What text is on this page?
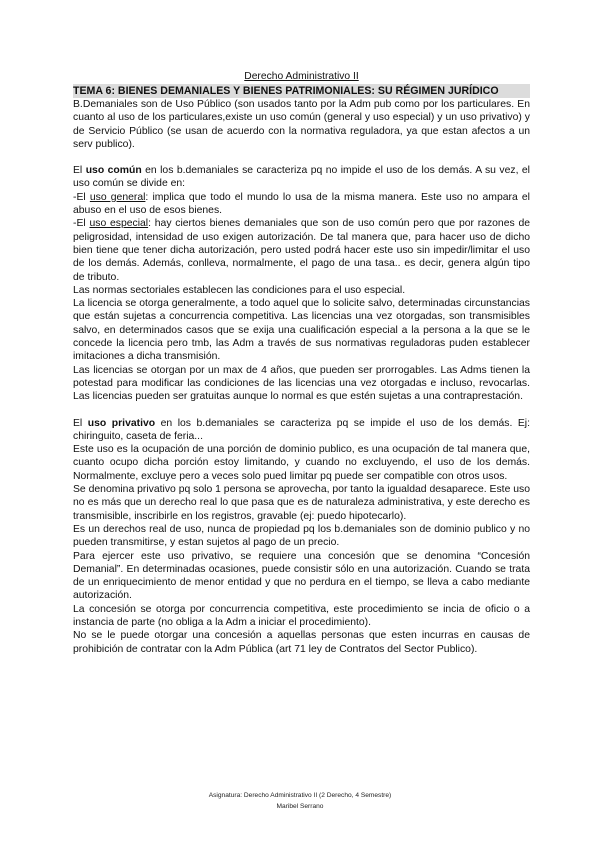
Derecho Administrativo II

TEMA 6: BIENES DEMANIALES Y BIENES PATRIMONIALES: SU RÉGIMEN JURÍDICO

B.Demaniales son de Uso Público (son usados tanto por la Adm pub como por los particulares. En cuanto al uso de los particulares,existe un uso común (general y uso especial) y un uso privativo) y de Servicio Público (se usan de acuerdo con la normativa reguladora, ya que estan afectos a un serv publico).

El uso común en los b.demaniales se caracteriza pq no impide el uso de los demás. A su vez, el uso común se divide en:

-El uso general: implica que todo el mundo lo usa de la misma manera. Este uso no ampara el abuso en el uso de esos bienes.

-El uso especial: hay ciertos bienes demaniales que son de uso común pero que por razones de peligrosidad, intensidad de uso exigen autorización. De tal manera que, para hacer uso de dicho bien tiene que tener dicha autorización, pero usted podrá hacer este uso sin impedir/limitar el uso de los demás. Además, conlleva, normalmente, el pago de una tasa.. es decir, genera algún tipo de tributo.

Las normas sectoriales establecen las condiciones para el uso especial.

La licencia se otorga generalmente, a todo aquel que lo solicite salvo, determinadas circunstancias que están sujetas a concurrencia competitiva. Las licencias una vez otorgadas, son transmisibles salvo, en determinados casos que se exija una cualificación especial a la persona a la que se le concede la licencia pero tmb, las Adm a través de sus normativas reguladoras puden establecer imitaciones a dicha transmisión.

Las licencias se otorgan por un max de 4 años, que pueden ser prorrogables. Las Adms tienen la potestad para modificar las condiciones de las licencias una vez otorgadas e incluso, revocarlas. Las licencias pueden ser gratuitas aunque lo normal es que estén sujetas a una contraprestación.

El uso privativo en los b.demaniales se caracteriza pq se impide el uso de los demás. Ej: chiringuito, caseta de feria...

Este uso es la ocupación de una porción de dominio publico, es una ocupación de tal manera que, cuanto ocupo dicha porción estoy limitando, y cuando no excluyendo, el uso de los demás. Normalmente, excluye pero a veces solo pued limitar pq puede ser compatible con otros usos.

Se denomina privativo pq solo 1 persona se aprovecha, por tanto la igualdad desaparece. Este uso no es más que un derecho real lo que pasa que es de naturaleza administrativa, y este derecho es transmisible, inscribirle en los registros, gravable (ej: puedo hipotecarlo).

Es un derechos real de uso, nunca de propiedad pq los b.demaniales son de dominio publico y no pueden transmitirse, y estan sujetos al pago de un precio.

Para ejercer este uso privativo, se requiere una concesión que se denomina “Concesión Demanial”. En determinadas ocasiones, puede consistir sólo en una autorización. Cuando se trata de un enriquecimiento de menor entidad y que no perdura en el tiempo, se lleva a cabo mediante autorización.

La concesión se otorga por concurrencia competitiva, este procedimiento se incia de oficio o a instancia de parte (no obliga a la Adm a iniciar el procedimiento).

No se le puede otorgar una concesión a aquellas personas que esten incurras en causas de prohibición de contratar con la Adm Pública (art 71 ley de Contratos del Sector Publico).

Asignatura: Derecho Administrativo II (2 Derecho, 4 Semestre)
Maribel Serrano
